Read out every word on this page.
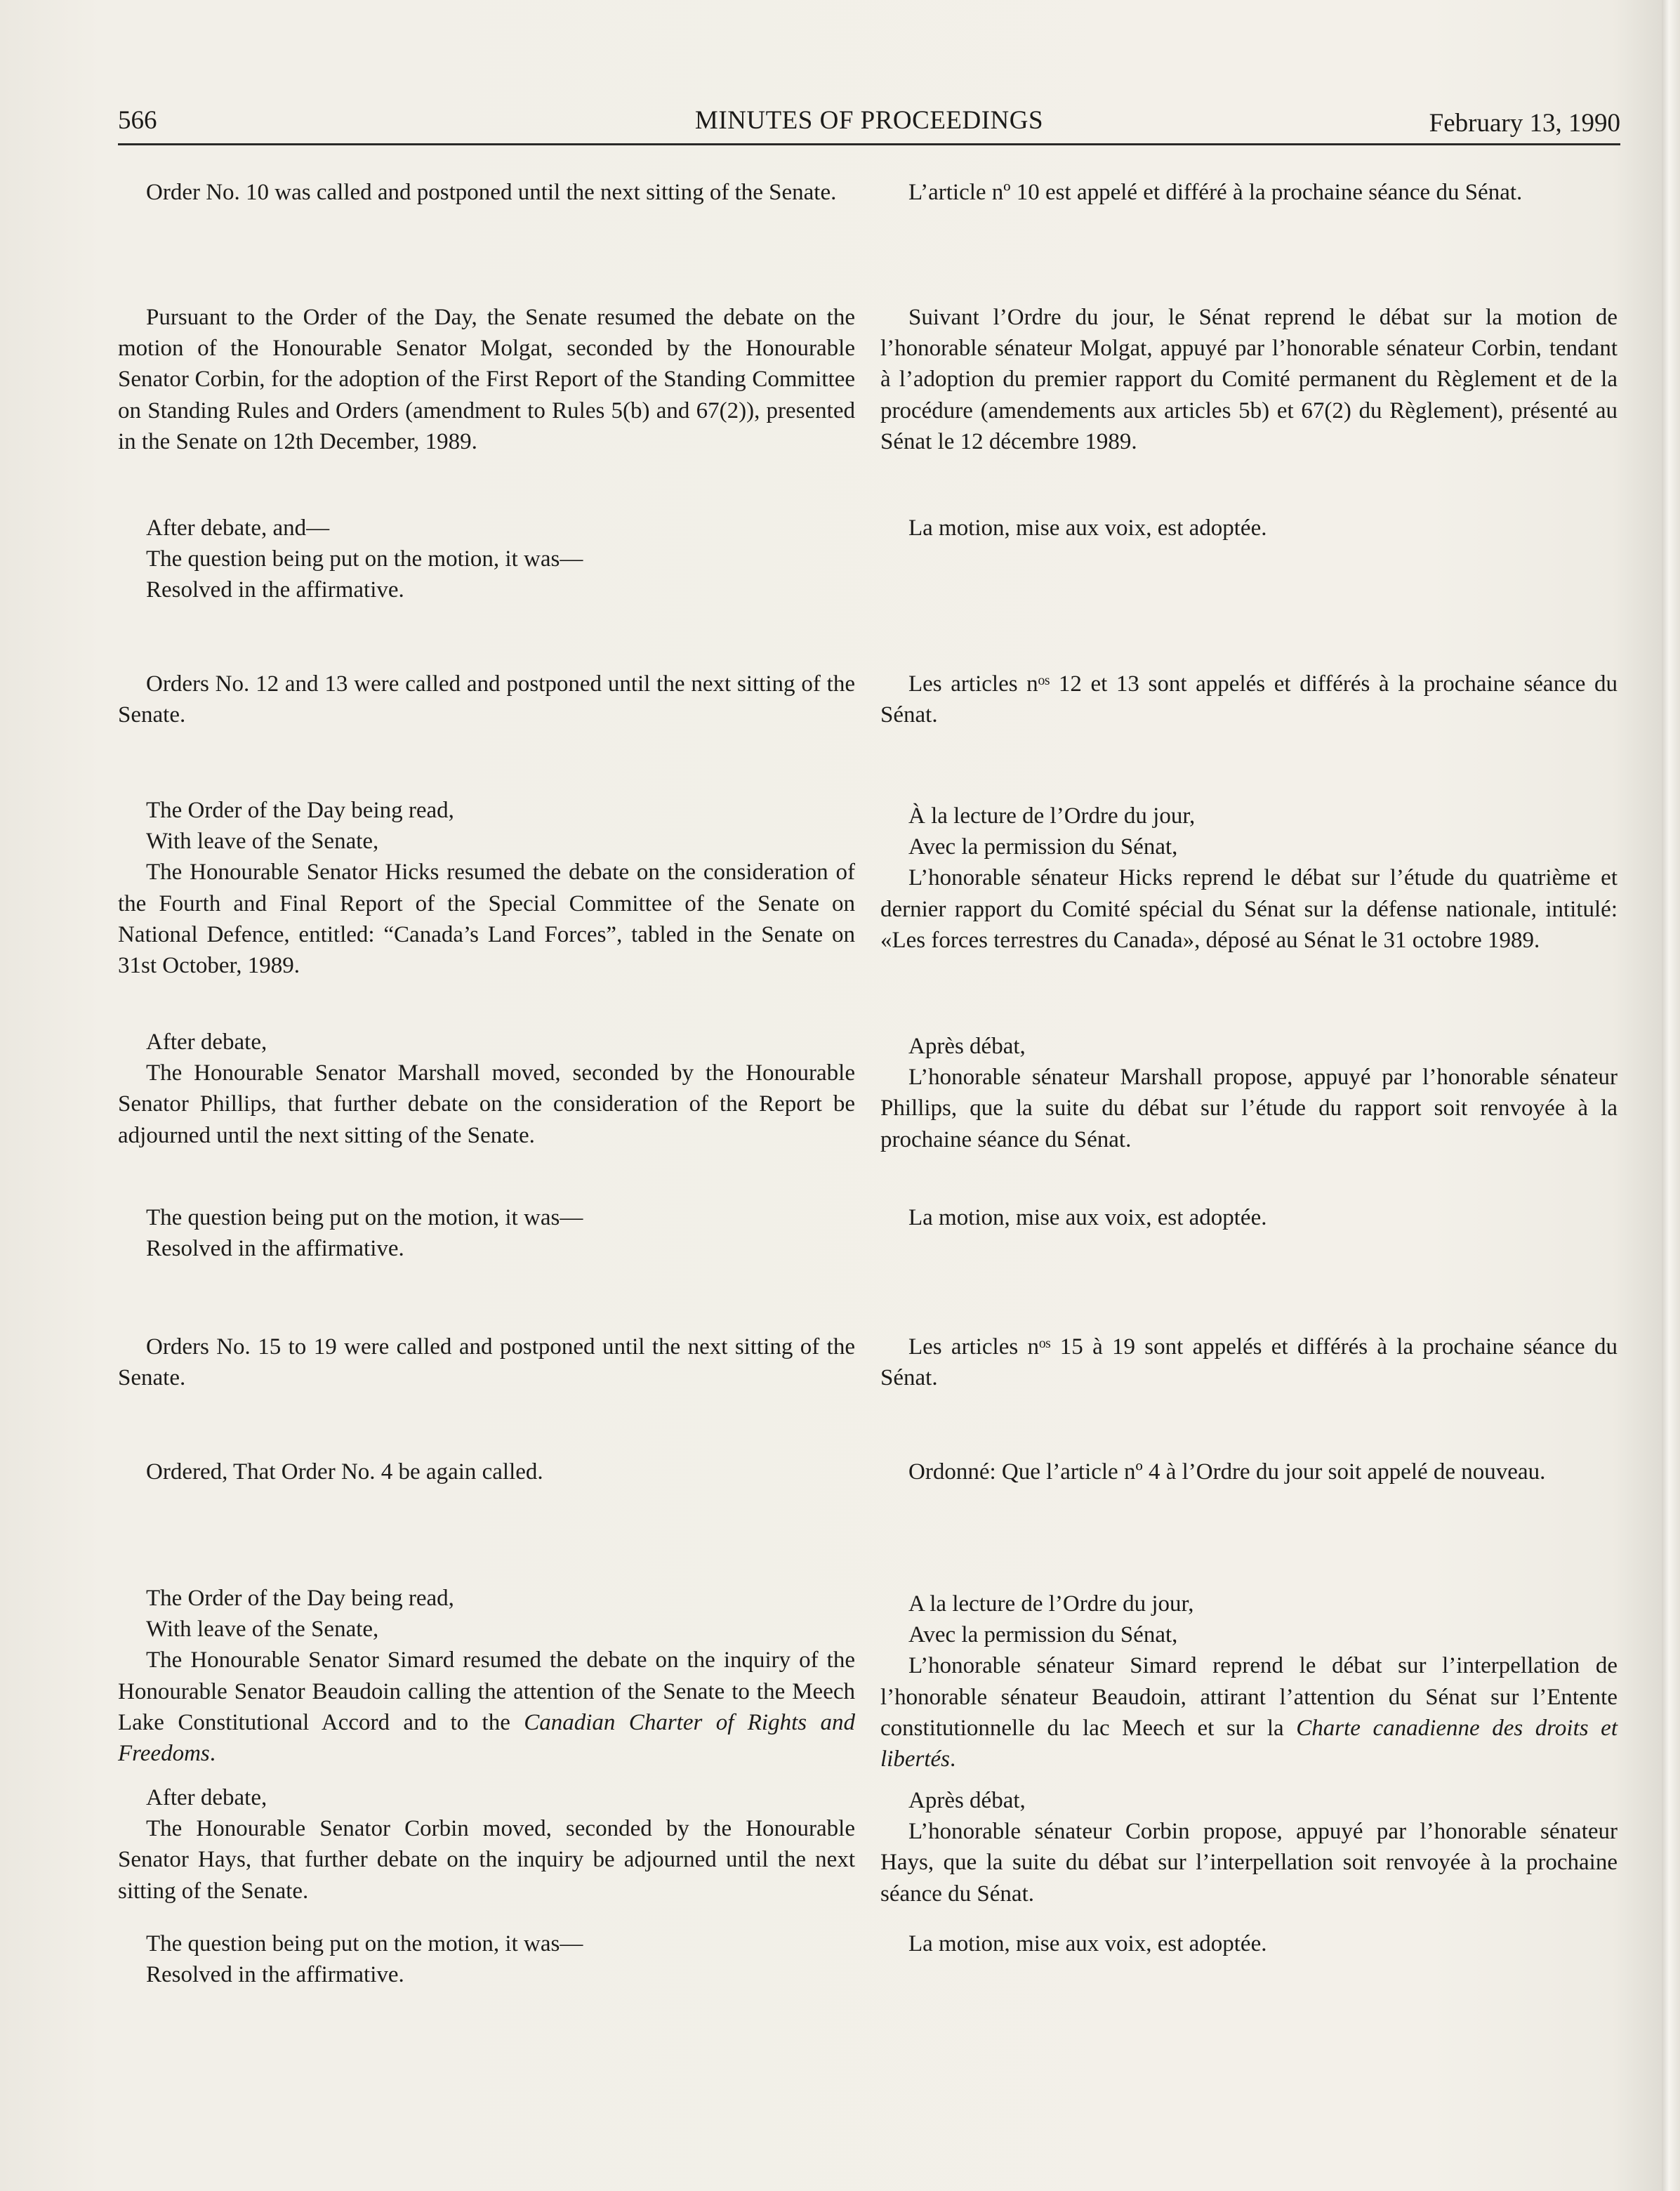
566	MINUTES OF PROCEEDINGS	February 13, 1990

Order No. 10 was called and postponed until the next sitting of the Senate.

Pursuant to the Order of the Day, the Senate resumed the debate on the motion of the Honourable Senator Molgat, seconded by the Honourable Senator Corbin, for the adoption of the First Report of the Standing Committee on Standing Rules and Orders (amendment to Rules 5(b) and 67(2)), presented in the Senate on 12th December, 1989.

After debate, and—

The question being put on the motion, it was—

Resolved in the affirmative.

Orders No. 12 and 13 were called and postponed until the next sitting of the Senate.

The Order of the Day being read,

With leave of the Senate,

The Honourable Senator Hicks resumed the debate on the consideration of the Fourth and Final Report of the Special Committee of the Senate on National Defence, entitled: “Canada’s Land Forces”, tabled in the Senate on 31st October, 1989.

After debate,

The Honourable Senator Marshall moved, seconded by the Honourable Senator Phillips, that further debate on the consideration of the Report be adjourned until the next sitting of the Senate.

The question being put on the motion, it was—

Resolved in the affirmative.

Orders No. 15 to 19 were called and postponed until the next sitting of the Senate.

Ordered, That Order No. 4 be again called.

The Order of the Day being read,

With leave of the Senate,

The Honourable Senator Simard resumed the debate on the inquiry of the Honourable Senator Beaudoin calling the attention of the Senate to the Meech Lake Constitutional Accord and to the Canadian Charter of Rights and Freedoms.

After debate,

The Honourable Senator Corbin moved, seconded by the Honourable Senator Hays, that further debate on the inquiry be adjourned until the next sitting of the Senate.

The question being put on the motion, it was—

Resolved in the affirmative.

L’article nº 10 est appelé et différé à la prochaine séance du Sénat.

Suivant l’Ordre du jour, le Sénat reprend le débat sur la motion de l’honorable sénateur Molgat, appuyé par l’honorable sénateur Corbin, tendant à l’adoption du premier rapport du Comité permanent du Règlement et de la procédure (amendements aux articles 5b) et 67(2) du Règlement), présenté au Sénat le 12 décembre 1989.

La motion, mise aux voix, est adoptée.

Les articles nᵒˢ 12 et 13 sont appelés et différés à la prochaine séance du Sénat.

À la lecture de l’Ordre du jour,

Avec la permission du Sénat,

L’honorable sénateur Hicks reprend le débat sur l’étude du quatrième et dernier rapport du Comité spécial du Sénat sur la défense nationale, intitulé: «Les forces terrestres du Canada», déposé au Sénat le 31 octobre 1989.

Après débat,

L’honorable sénateur Marshall propose, appuyé par l’honorable sénateur Phillips, que la suite du débat sur l’étude du rapport soit renvoyée à la prochaine séance du Sénat.

La motion, mise aux voix, est adoptée.

Les articles nᵒˢ 15 à 19 sont appelés et différés à la prochaine séance du Sénat.

Ordonné: Que l’article nº 4 à l’Ordre du jour soit appelé de nouveau.

A la lecture de l’Ordre du jour,

Avec la permission du Sénat,

L’honorable sénateur Simard reprend le débat sur l’interpellation de l’honorable sénateur Beaudoin, attirant l’attention du Sénat sur l’Entente constitutionnelle du lac Meech et sur la Charte canadienne des droits et libertés.

Après débat,

L’honorable sénateur Corbin propose, appuyé par l’honorable sénateur Hays, que la suite du débat sur l’interpellation soit renvoyée à la prochaine séance du Sénat.

La motion, mise aux voix, est adoptée.
